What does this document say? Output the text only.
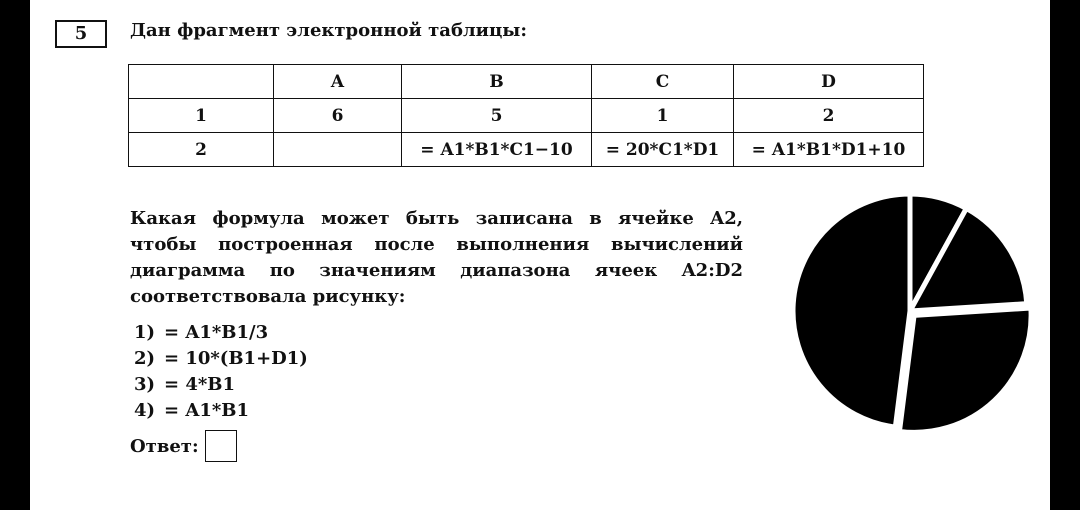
5	Дан фрагмент электронной таблицы:
	A	B	C	D
1	6	5	1	2
2		= A1*B1*C1−10	= 20*C1*D1	= A1*B1*D1+10
Какая формула может быть записана в ячейке A2, чтобы построенная после выполнения вычислений диаграмма по значениям диапазона ячеек A2:D2 соответствовала рисунку:
1) = A1*B1/3
2) = 10*(B1+D1)
3) = 4*B1
4) = A1*B1
Ответ:
